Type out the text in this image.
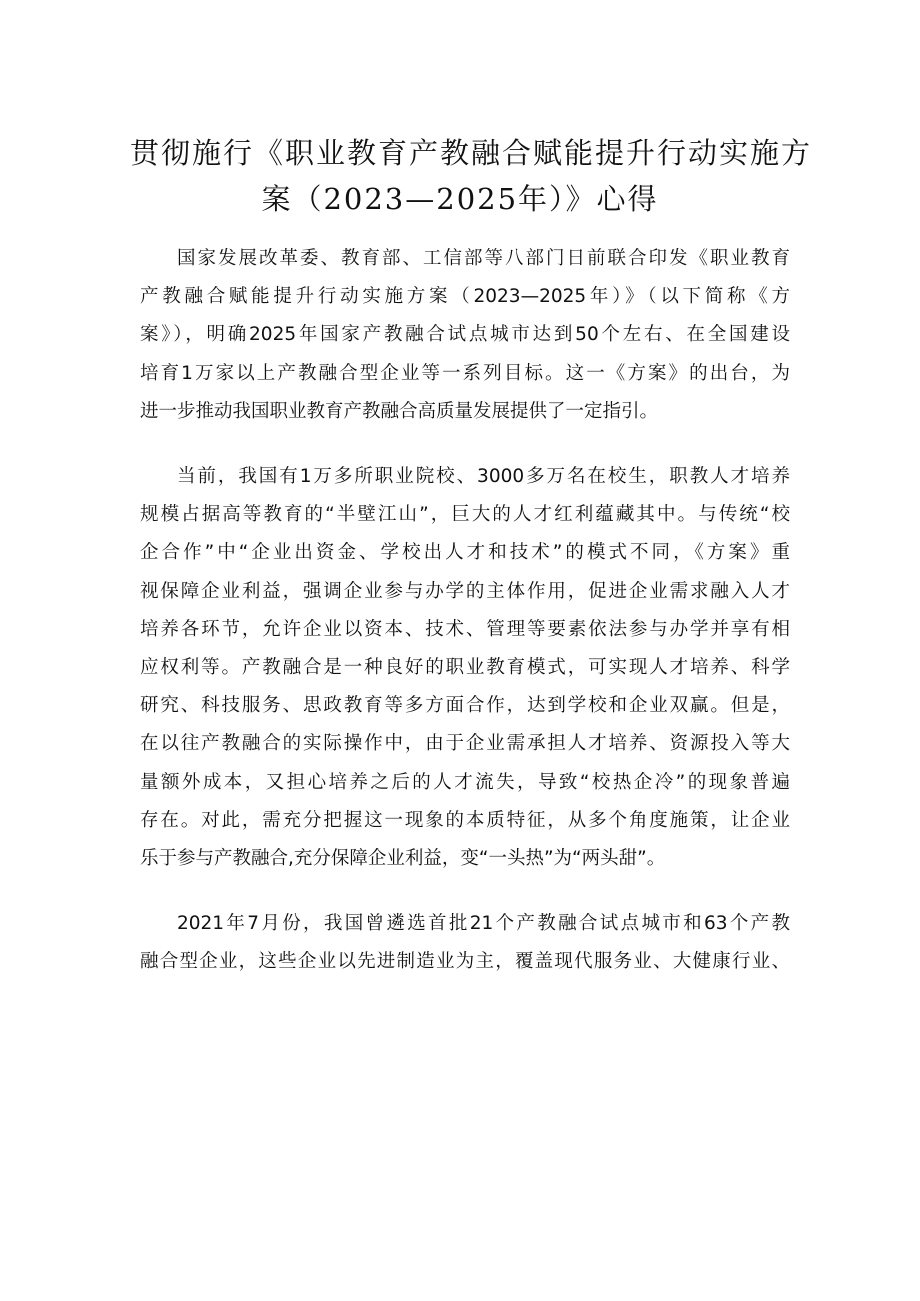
贯彻施行《职业教育产教融合赋能提升行动实施方
案（2023—2025年）》心得

国家发展改革委、教育部、工信部等八部门日前联合印发《职业教育
产教融合赋能提升行动实施方案（2023—2025年）》（以下简称《方
案》），明确2025年国家产教融合试点城市达到50个左右、在全国建设
培育1万家以上产教融合型企业等一系列目标。这一《方案》的出台，为
进一步推动我国职业教育产教融合高质量发展提供了一定指引。

当前，我国有1万多所职业院校、3000多万名在校生，职教人才培养
规模占据高等教育的“半壁江山”，巨大的人才红利蕴藏其中。与传统“校
企合作”中“企业出资金、学校出人才和技术”的模式不同，《方案》重
视保障企业利益，强调企业参与办学的主体作用，促进企业需求融入人才
培养各环节，允许企业以资本、技术、管理等要素依法参与办学并享有相
应权利等。产教融合是一种良好的职业教育模式，可实现人才培养、科学
研究、科技服务、思政教育等多方面合作，达到学校和企业双赢。但是，
在以往产教融合的实际操作中，由于企业需承担人才培养、资源投入等大
量额外成本，又担心培养之后的人才流失，导致“校热企冷”的现象普遍
存在。对此，需充分把握这一现象的本质特征，从多个角度施策，让企业
乐于参与产教融合,充分保障企业利益，变“一头热”为“两头甜”。

2021年7月份，我国曾遴选首批21个产教融合试点城市和63个产教
融合型企业，这些企业以先进制造业为主，覆盖现代服务业、大健康行业、
